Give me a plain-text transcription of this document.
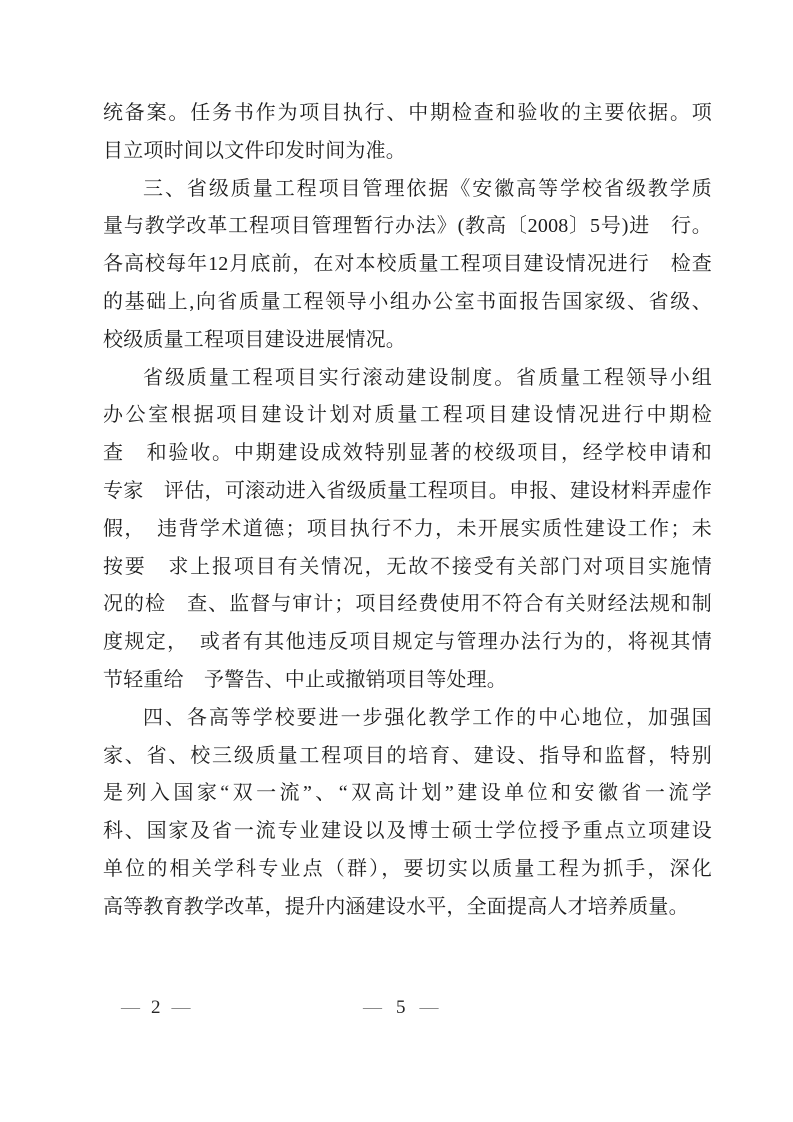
统备案。任务书作为项目执行、中期检查和验收的主要依据。项
目立项时间以文件印发时间为准。
三、省级质量工程项目管理依据《安徽高等学校省级教学质
量与教学改革工程项目管理暂行办法》(教高〔2008〕5号)进　行。
各高校每年12月底前，在对本校质量工程项目建设情况进行　检查
的基础上,向省质量工程领导小组办公室书面报告国家级、省级、
校级质量工程项目建设进展情况。
省级质量工程项目实行滚动建设制度。省质量工程领导小组
办公室根据项目建设计划对质量工程项目建设情况进行中期检
查　和验收。中期建设成效特别显著的校级项目，经学校申请和
专家　评估，可滚动进入省级质量工程项目。申报、建设材料弄虚作
假，　违背学术道德；项目执行不力，未开展实质性建设工作；未
按要　求上报项目有关情况，无故不接受有关部门对项目实施情
况的检　查、监督与审计；项目经费使用不符合有关财经法规和制
度规定，　或者有其他违反项目规定与管理办法行为的，将视其情
节轻重给　予警告、中止或撤销项目等处理。
四、各高等学校要进一步强化教学工作的中心地位，加强国
家、省、校三级质量工程项目的培育、建设、指导和监督，特别
是列入国家“双一流”、“双高计划”建设单位和安徽省一流学
科、国家及省一流专业建设以及博士硕士学位授予重点立项建设
单位的相关学科专业点（群），要切实以质量工程为抓手，深化
高等教育教学改革，提升内涵建设水平，全面提高人才培养质量。
— 2 —	— 5 —
